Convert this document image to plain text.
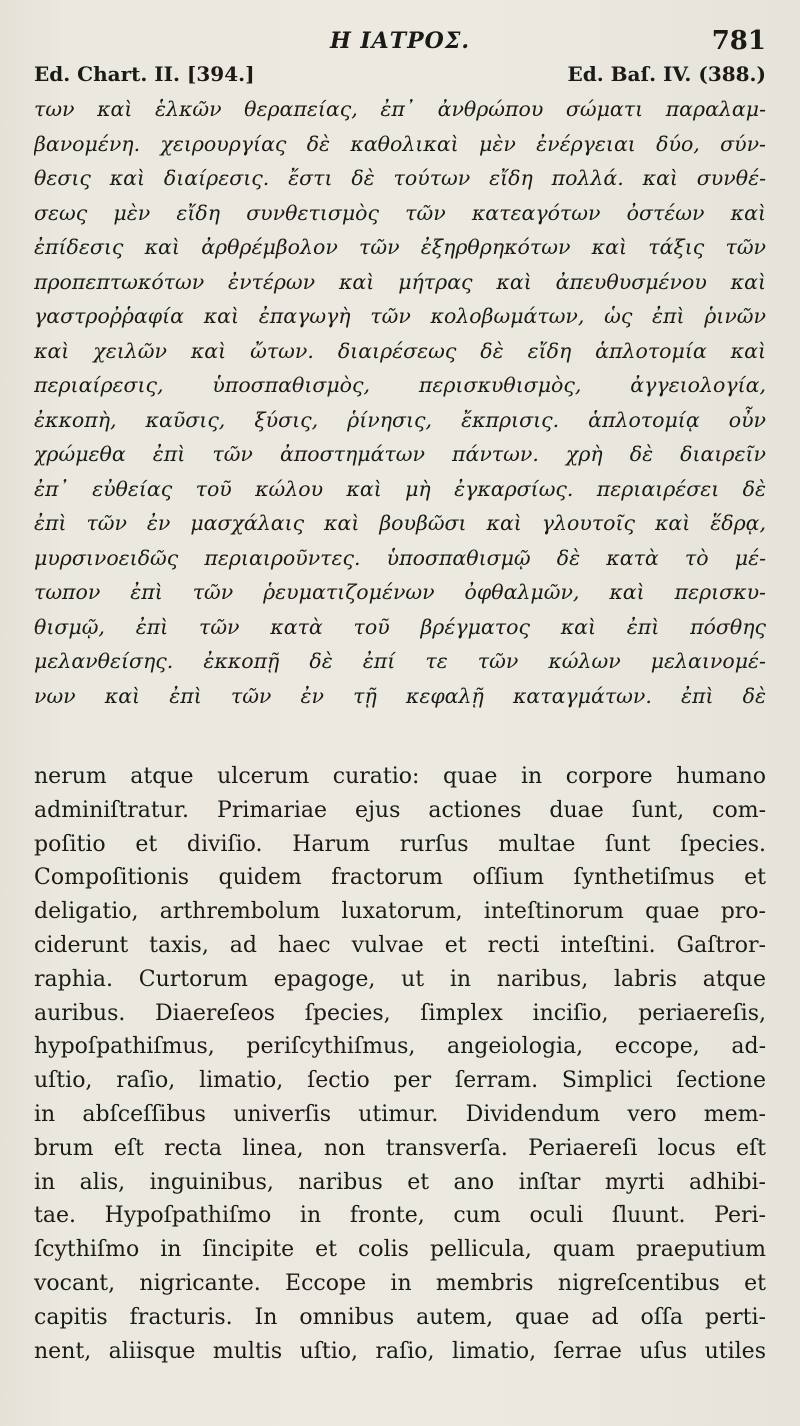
Η ΙΑΤΡΟΣ.	781
Ed. Chart. II. [394.]	Ed. Baſ. IV. (388.)
των καὶ ἑλκῶν θεραπείας, ἐπ᾽ ἀνθρώπου σώματι παραλαμ-
βανομένη. χειρουργίας δὲ καθολικαὶ μὲν ἐνέργειαι δύο, σύν-
θεσις καὶ διαίρεσις. ἔστι δὲ τούτων εἴδη πολλά. καὶ συνθέ-
σεως μὲν εἴδη συνθετισμὸς τῶν κατεαγότων ὀστέων καὶ
ἐπίδεσις καὶ ἀρθρέμβολον τῶν ἐξηρθρηκότων καὶ τάξις τῶν
προπεπτωκότων ἐντέρων καὶ μήτρας καὶ ἀπευθυσμένου καὶ
γαστροῤῥαφία καὶ ἐπαγωγὴ τῶν κολοβωμάτων, ὡς ἐπὶ ῥινῶν
καὶ χειλῶν καὶ ὤτων. διαιρέσεως δὲ εἴδη ἁπλοτομία καὶ
περιαίρεσις, ὑποσπαθισμὸς, περισκυθισμὸς, ἀγγειολογία,
ἐκκοπὴ, καῦσις, ξύσις, ῥίνησις, ἔκπρισις. ἁπλοτομίᾳ οὖν
χρώμεθα ἐπὶ τῶν ἀποστημάτων πάντων. χρὴ δὲ διαιρεῖν
ἐπ᾽ εὐθείας τοῦ κώλου καὶ μὴ ἐγκαρσίως. περιαιρέσει δὲ
ἐπὶ τῶν ἐν μασχάλαις καὶ βουβῶσι καὶ γλουτοῖς καὶ ἕδρᾳ,
μυρσινοειδῶς περιαιροῦντες. ὑποσπαθισμῷ δὲ κατὰ τὸ μέ-
τωπον ἐπὶ τῶν ῥευματιζομένων ὀφθαλμῶν, καὶ περισκυ-
θισμῷ, ἐπὶ τῶν κατὰ τοῦ βρέγματος καὶ ἐπὶ πόσθης
μελανθείσης. ἐκκοπῇ δὲ ἐπί τε τῶν κώλων μελαινομέ-
νων καὶ ἐπὶ τῶν ἐν τῇ κεφαλῇ καταγμάτων. ἐπὶ δὲ
nerum atque ulcerum curatio: quae in corpore humano
adminiſtratur. Primariae ejus actiones duae ſunt, com-
poſitio et diviſio. Harum rurſus multae ſunt ſpecies.
Compoſitionis quidem fractorum oſſium ſynthetiſmus et
deligatio, arthrembolum luxatorum, inteſtinorum quae pro-
ciderunt taxis, ad haec vulvae et recti inteſtini. Gaſtror-
raphia. Curtorum epagoge, ut in naribus, labris atque
auribus. Diaereſeos ſpecies, ſimplex inciſio, periaereſis,
hypoſpathiſmus, periſcythiſmus, angeiologia, eccope, ad-
uſtio, raſio, limatio, ſectio per ſerram. Simplici ſectione
in abſceſſibus univerſis utimur. Dividendum vero mem-
brum eſt recta linea, non transverſa. Periaereſi locus eſt
in alis, inguinibus, naribus et ano inſtar myrti adhibi-
tae. Hypoſpathiſmo in fronte, cum oculi ſluunt. Peri-
ſcythiſmo in ſincipite et colis pellicula, quam praeputium
vocant, nigricante. Eccope in membris nigreſcentibus et
capitis fracturis. In omnibus autem, quae ad oſſa perti-
nent, aliisque multis uſtio, raſio, limatio, ſerrae uſus utiles
